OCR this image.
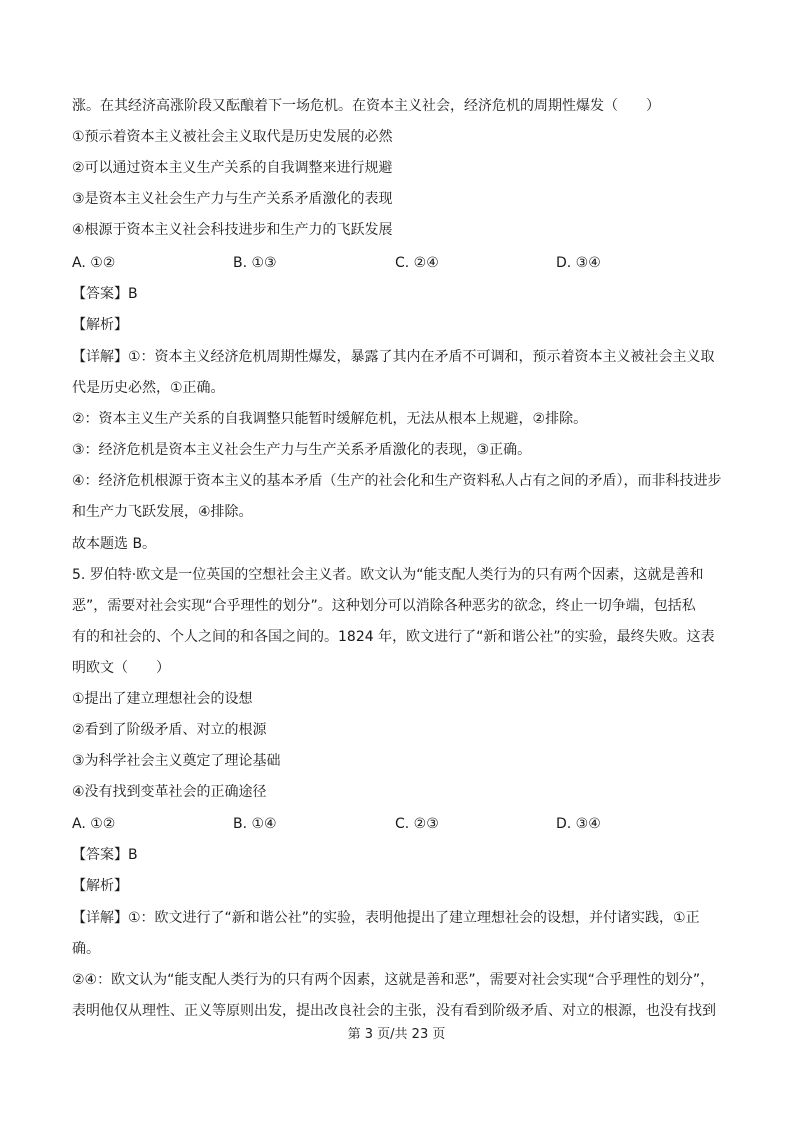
涨。在其经济高涨阶段又酝酿着下一场危机。在资本主义社会，经济危机的周期性爆发（　　）
①预示着资本主义被社会主义取代是历史发展的必然
②可以通过资本主义生产关系的自我调整来进行规避
③是资本主义社会生产力与生产关系矛盾激化的表现
④根源于资本主义社会科技进步和生产力的飞跃发展
A. ①②	B. ①③	C. ②④	D. ③④
【答案】B
【解析】
【详解】①：资本主义经济危机周期性爆发，暴露了其内在矛盾不可调和，预示着资本主义被社会主义取
代是历史必然，①正确。
②：资本主义生产关系的自我调整只能暂时缓解危机，无法从根本上规避，②排除。
③：经济危机是资本主义社会生产力与生产关系矛盾激化的表现，③正确。
④：经济危机根源于资本主义的基本矛盾（生产的社会化和生产资料私人占有之间的矛盾），而非科技进步
和生产力飞跃发展，④排除。
故本题选 B。
5. 罗伯特·欧文是一位英国的空想社会主义者。欧文认为“能支配人类行为的只有两个因素，这就是善和
恶”，需要对社会实现“合乎理性的划分”。这种划分可以消除各种恶劣的欲念，终止一切争端，包括私
有的和社会的、个人之间的和各国之间的。1824 年，欧文进行了“新和谐公社”的实验，最终失败。这表
明欧文（　　）
①提出了建立理想社会的设想
②看到了阶级矛盾、对立的根源
③为科学社会主义奠定了理论基础
④没有找到变革社会的正确途径
A. ①②	B. ①④	C. ②③	D. ③④
【答案】B
【解析】
【详解】①：欧文进行了“新和谐公社”的实验，表明他提出了建立理想社会的设想，并付诸实践，①正
确。
②④：欧文认为“能支配人类行为的只有两个因素，这就是善和恶”，需要对社会实现“合乎理性的划分”，
表明他仅从理性、正义等原则出发，提出改良社会的主张，没有看到阶级矛盾、对立的根源，也没有找到
第 3 页/共 23 页
